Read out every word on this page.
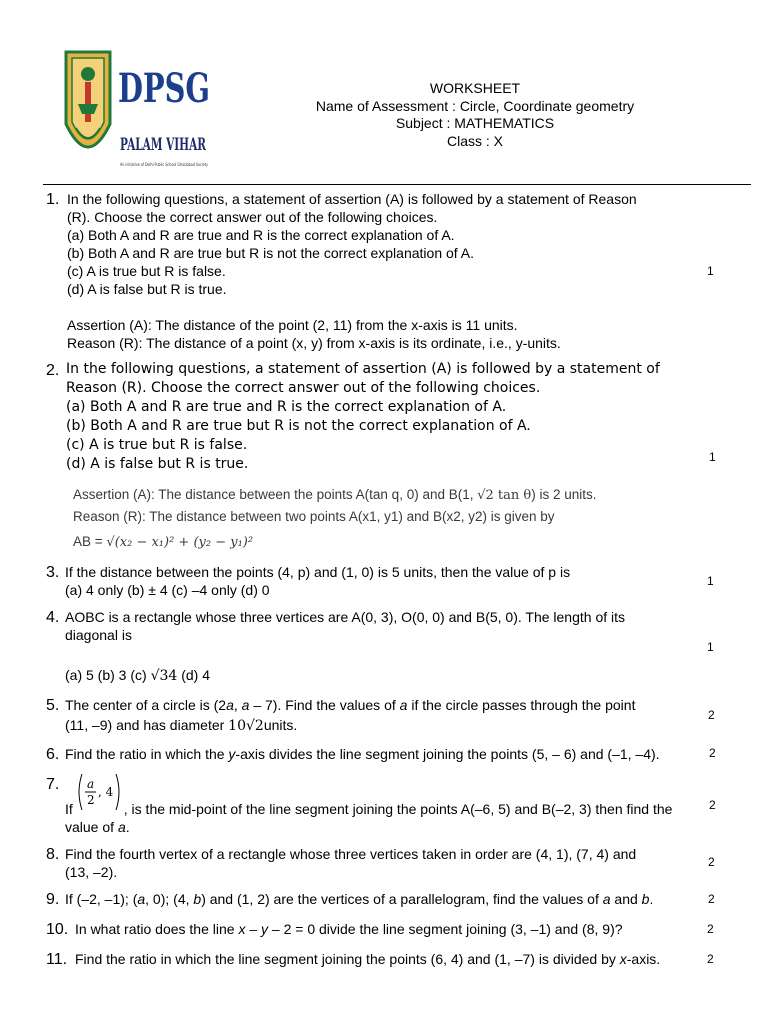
DPSG
PALAM VIHAR
An initiative of Delhi Public School Ghaziabad Society
WORKSHEET
Name of Assessment : Circle, Coordinate geometry
Subject : MATHEMATICS
Class : X
1. In the following questions, a statement of assertion (A) is followed by a statement of Reason
(R). Choose the correct answer out of the following choices.
(a) Both A and R are true and R is the correct explanation of A.
(b) Both A and R are true but R is not the correct explanation of A.
(c) A is true but R is false.
(d) A is false but R is true.
Assertion (A): The distance of the point (2, 11) from the x-axis is 11 units.
Reason (R): The distance of a point (x, y) from x-axis is its ordinate, i.e., y-units.
1
2. In the following questions, a statement of assertion (A) is followed by a statement of
Reason (R). Choose the correct answer out of the following choices.
(a) Both A and R are true and R is the correct explanation of A.
(b) Both A and R are true but R is not the correct explanation of A.
(c) A is true but R is false.
(d) A is false but R is true.	1
Assertion (A): The distance between the points A(tan q, 0) and B(1, √2 tan θ) is 2 units.
Reason (R): The distance between two points A(x1, y1) and B(x2, y2) is given by
AB = √(x₂ − x₁)² + (y₂ − y₁)²
3. If the distance between the points (4, p) and (1, 0) is 5 units, then the value of p is
(a) 4 only (b) ± 4 (c) –4 only (d) 0
1
4. AOBC is a rectangle whose three vertices are A(0, 3), O(0, 0) and B(5, 0). The length of its
diagonal is
(a) 5 (b) 3 (c) √34 (d) 4
1
5. The center of a circle is (2a, a – 7). Find the values of a if the circle passes through the point
(11, –9) and has diameter 10√2units.
2
6. Find the ratio in which the y-axis divides the line segment joining the points (5, – 6) and (–1, –4).	2
7. a
2
, 4
If	, is the mid-point of the line segment joining the points A(–6, 5) and B(–2, 3) then find the
value of a.
2
8. Find the fourth vertex of a rectangle whose three vertices taken in order are (4, 1), (7, 4) and
(13, –2).
2
9. If (–2, –1); (a, 0); (4, b) and (1, 2) are the vertices of a parallelogram, find the values of a and b.	2
10. In what ratio does the line x – y – 2 = 0 divide the line segment joining (3, –1) and (8, 9)?	2
11. Find the ratio in which the line segment joining the points (6, 4) and (1, –7) is divided by x-axis.	2
